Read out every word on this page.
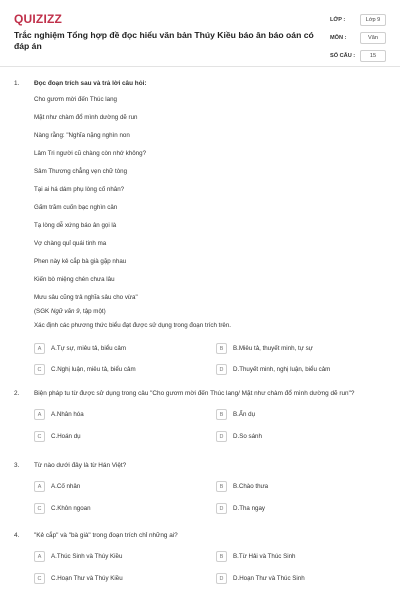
QUIZIZZ
Trắc nghiệm Tổng hợp đề đọc hiểu văn bản Thúy Kiều báo ân báo oán có đáp án
LỚP :	Lớp 9
MÔN :	Văn
SỐ CÂU :	15
1. Đọc đoạn trích sau và trả lời câu hỏi:
Cho gươm mời đến Thúc lang
Mặt như chàm đổ mình dường dẽ run
Nàng rằng: "Nghĩa nặng nghìn non
Lâm Tri người cũ chàng còn nhớ không?
Sâm Thương chẳng vẹn chữ tòng
Tại ai há dám phụ lòng cố nhân?
Gấm trăm cuốn bạc nghìn cân
Tạ lòng dễ xứng báo ân gọi là
Vợ chàng quỉ quái tinh ma
Phen này kẻ cắp bà già gặp nhau
Kiến bò miệng chén chưa lâu
Mưu sâu cũng trả nghĩa sâu cho vừa"
(SGK Ngữ văn 9, tập một)
Xác định các phương thức biểu đạt được sử dụng trong đoạn trích trên.
A	A.Tự sự, miêu tả, biểu cảm	B	B.Miêu tả, thuyết minh, tự sự
C	C.Nghị luận, miêu tả, biểu cảm	D	D.Thuyết minh, nghị luận, biểu cảm
2. Biện pháp tu từ được sử dụng trong câu "Cho gươm mời đến Thúc lang/ Mặt như chàm đổ mình dường dẽ run"?
A	A.Nhân hóa	B	B.Ẩn dụ
C	C.Hoán dụ	D	D.So sánh
3. Từ nào dưới đây là từ Hán Việt?
A	A.Cố nhân	B	B.Chào thưa
C	C.Khôn ngoan	D	D.Tha ngay
4. "Kẻ cắp" và "bà già" trong đoạn trích chỉ những ai?
A	A.Thúc Sinh và Thúy Kiều	B	B.Từ Hải và Thúc Sinh
C	C.Hoạn Thư và Thúy Kiều	D	D.Hoạn Thư và Thúc Sinh
